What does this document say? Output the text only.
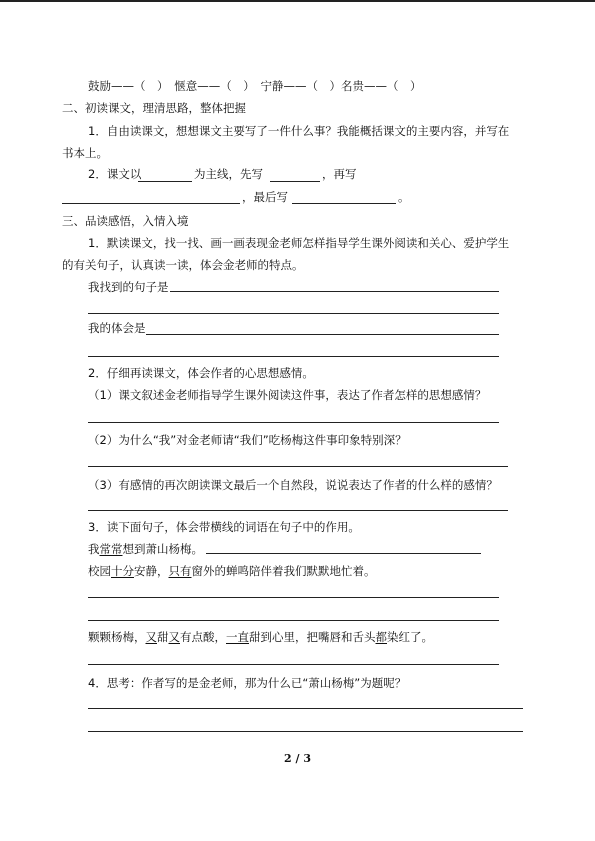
鼓励——（　）　惬意——（　）　宁静——（　）名贵——（　）
二、初读课文，理清思路，整体把握
1．自由读课文，想想课文主要写了一件什么事？我能概括课文的主要内容，并写在
书本上。
2．课文以	为主线，先写	，再写
，最后写	。
三、品读感悟，入情入境
1．默读课文，找一找、画一画表现金老师怎样指导学生课外阅读和关心、爱护学生
的有关句子，认真读一读，体会金老师的特点。
我找到的句子是
我的体会是
2．仔细再读课文，体会作者的心思想感情。
（1）课文叙述金老师指导学生课外阅读这件事，表达了作者怎样的思想感情？
（2）为什么“我”对金老师请“我们”吃杨梅这件事印象特别深？
（3）有感情的再次朗读课文最后一个自然段，说说表达了作者的什么样的感情？
3．读下面句子，体会带横线的词语在句子中的作用。
我常常想到萧山杨梅。
校园十分安静，只有窗外的蝉鸣陪伴着我们默默地忙着。
颗颗杨梅，又甜又有点酸，一直甜到心里，把嘴唇和舌头都染红了。
4．思考：作者写的是金老师，那为什么已“萧山杨梅”为题呢？
2 / 3
